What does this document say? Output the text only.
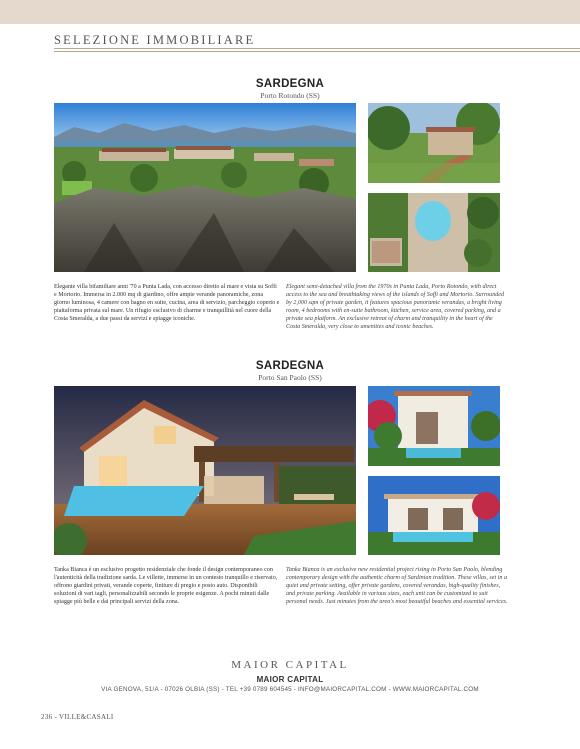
SELEZIONE IMMOBILIARE
SARDEGNA
Porto Rotondo (SS)
Elegante villa bifamiliare anni '70 a Punta Lada, con accesso diretto al mare e vista su Soffi e Mortorio. Immersa in 2.000 mq di giardino, offre ampie verande panoramiche, zona giorno luminosa, 4 camere con bagno en suite, cucina, area di servizio, parcheggio coperto e piattaforma privata sul mare. Un rifugio esclusivo di charme e tranquillità nel cuore della Costa Smeralda, a due passi da servizi e spiagge iconiche.
Elegant semi-detached villa from the 1970s in Punta Lada, Porto Rotondo, with direct access to the sea and breathtaking views of the islands of Soffi and Mortorio. Surrounded by 2,000 sqm of private garden, it features spacious panoramic verandas, a bright living room, 4 bedrooms with en-suite bathroom, kitchen, service area, covered parking, and a private sea platform. An exclusive retreat of charm and tranquility in the heart of the Costa Smeralda, very close to amenities and iconic beaches.
SARDEGNA
Porto San Paolo (SS)
Tanka Bianca è un esclusivo progetto residenziale che fonde il design contemporaneo con l'autenticità della tradizione sarda. Le villette, immerse in un contesto tranquillo e riservato, offrono giardini privati, verande coperte, finiture di pregio e posto auto. Disponibili soluzioni di vari tagli, personalizzabili secondo le proprie esigenze. A pochi minuti dalle spiagge più belle e dai principali servizi della zona.
Tanka Bianca is an exclusive new residential project rising in Porto San Paolo, blending contemporary design with the authentic charm of Sardinian tradition. These villas, set in a quiet and private setting, offer private gardens, covered verandas, high-quality finishes, and private parking. Available in various sizes, each unit can be customized to suit personal needs. Just minutes from the area's most beautiful beaches and essential services.
MAIOR CAPITAL
MAIOR CAPITAL
VIA GENOVA, 51/A - 07026 OLBIA (SS) - TEL +39 0789 604545 - INFO@MAIORCAPITAL.COM - WWW.MAIORCAPITAL.COM
236 - VILLE&CASALI
